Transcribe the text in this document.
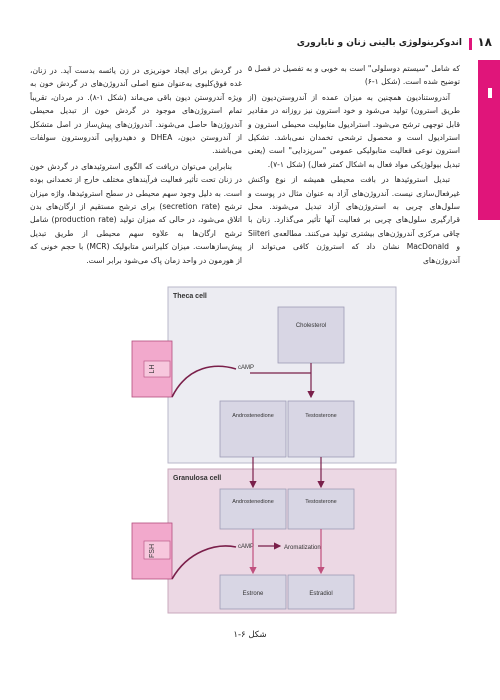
۱۸
اندوکرینولوژی بالینی زنان و ناباروری

که شامل "سیستم دوسلولی" است به خوبی و به تفصیل در فصل ۵ توضیح شده است. (شکل ۱-۶)

آندروستنادیون همچنین به میزان عمده از آندروستن‌دیون (از طریق استرون) تولید می‌شود و خود استرون نیز روزانه در مقادیر قابل توجهی ترشح می‌شود. استرادیول متابولیت محیطی استرون و استرادیول است و محصول ترشحی تخمدان نمی‌باشد. تشکیل استرون نوعی فعالیت متابولیکی عمومی "سرپزدایی" است (یعنی تبدیل بیولوژیکی مواد فعال به اشکال کمتر فعال) (شکل ۱-۷).

تبدیل استروئیدها در بافت محیطی همیشه از نوع واکنش غیرفعال‌سازی نیست. آندروژن‌های آزاد به عنوان مثال در پوست و سلول‌های چربی به استروژن‌های آزاد تبدیل می‌شوند. محل قرارگیری سلول‌های چربی بر فعالیت آنها تأثیر می‌گذارد. زنان با چاقی مرکزی آندروژن‌های بیشتری تولید می‌کنند. مطالعه‌ی Siiteri و MacDonald نشان داد که استروژن کافی می‌تواند از آندروژن‌های

در گردش برای ایجاد خونریزی در زن یائسه بدست آید. در زنان، غده فوق‌کلیوی به‌عنوان منبع اصلی آندروژن‌های در گردش خون به ویژه آندروستن دیون باقی می‌ماند (شکل ۱-۸). در مردان، تقریباً تمام استروژن‌های موجود در گردش خون از تبدیل محیطی آندروژن‌ها حاصل می‌شوند. آندروژن‌های پیش‌ساز در اصل متشکل از آندروستن دیون، DHEA و دهیدرواپی آندروسترون سولفات می‌باشند.

بنابراین می‌توان دریافت که الگوی استروئیدهای در گردش خون در زنان تحت تأثیر فعالیت فرآیندهای مختلف خارج از تخمدانی بوده است. به دلیل وجود سهم محیطی در سطح استروئیدها، واژه میزان ترشح (secretion rate) برای ترشح مستقیم از ارگان‌های بدن اتلاق می‌شود، در حالی که میزان تولید (production rate) شامل ترشح ارگان‌ها به علاوه سهم محیطی از طریق تبدیل پیش‌سازهاست. میزان کلیرانس متابولیک (MCR) با حجم خونی که از هورمون در واحد زمان پاک می‌شود برابر است.

Theca cell
LH
Cholesterol
cAMP
Androstenedione	Testosterone
Granulosa cell
Androstenedione	Testosterone
FSH	cAMP	Aromatization
Estrone	Estradiol
شکل ۶-۱
